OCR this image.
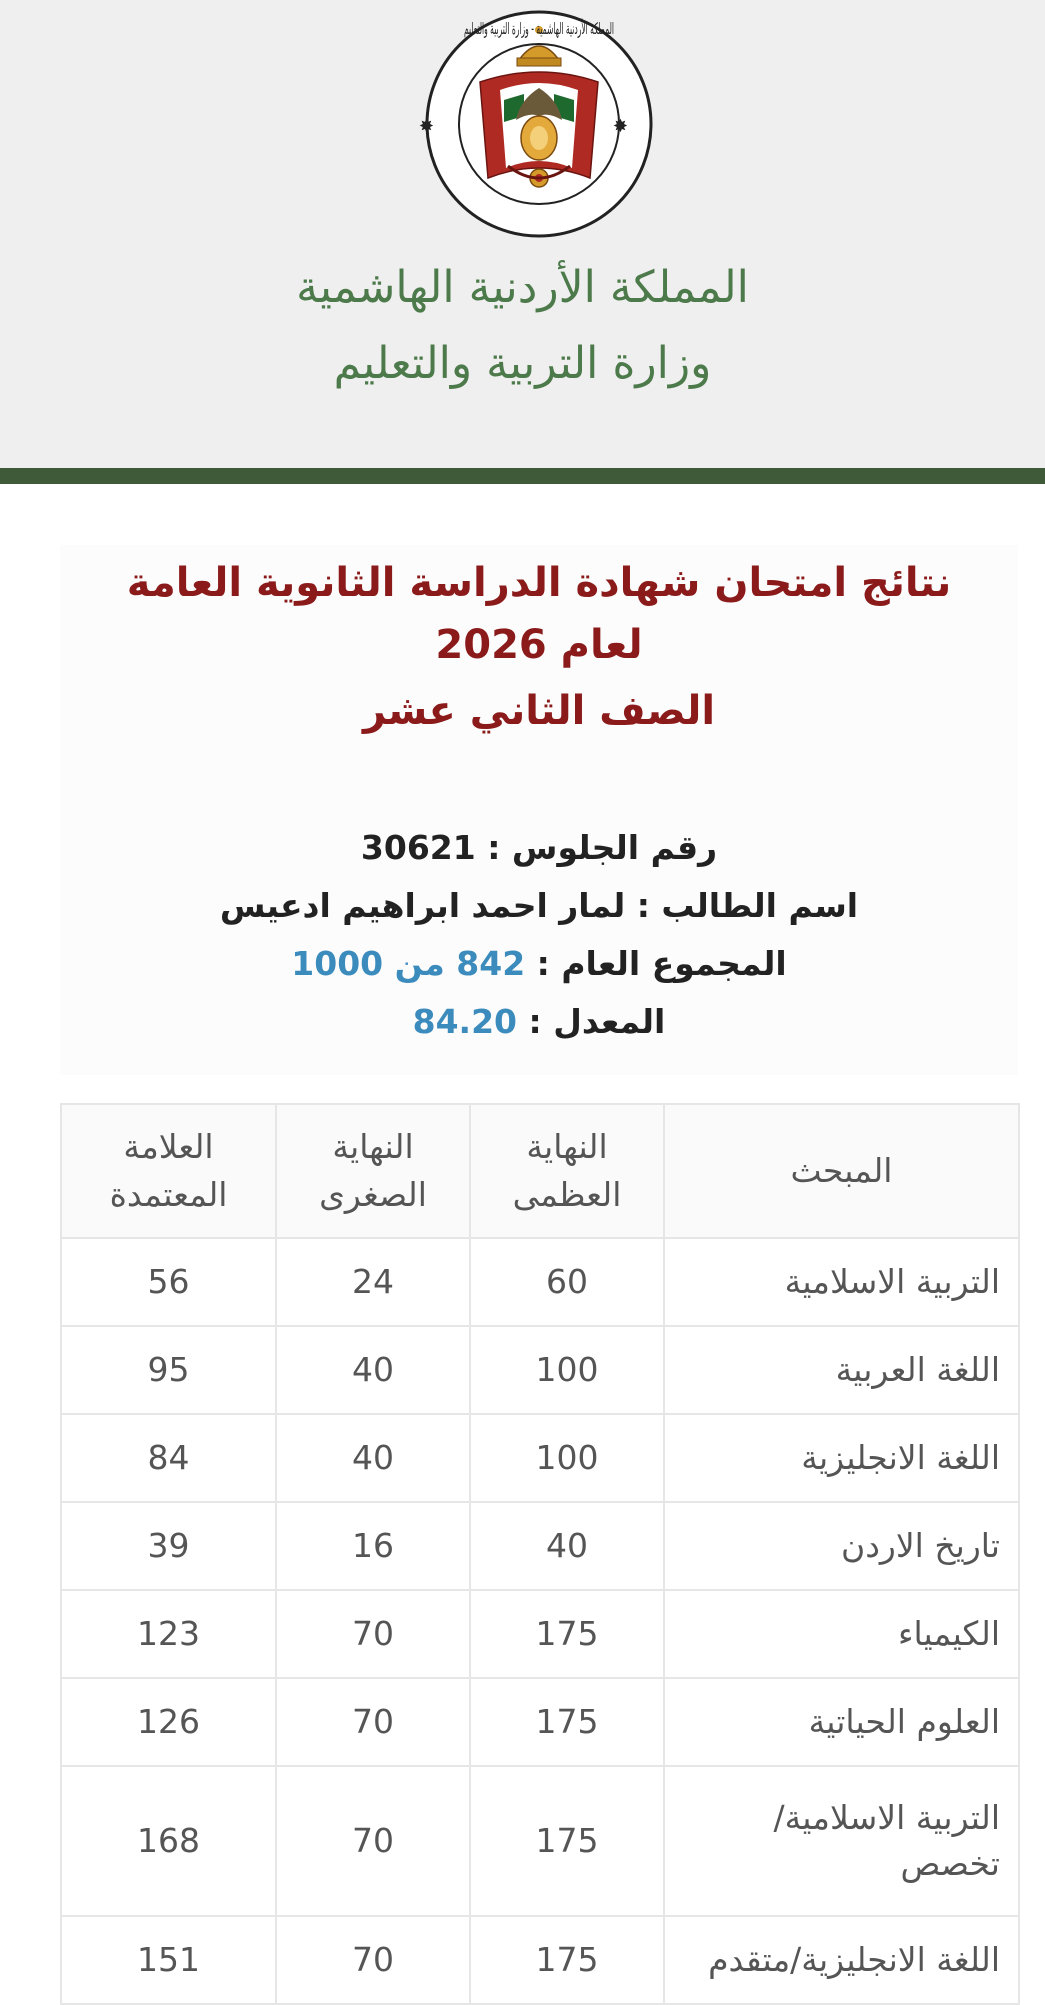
✸	✸
المملكة الأردنية الهاشمية - وزارة التربية والتعليم
المملكة الأردنية الهاشمية
وزارة التربية والتعليم
نتائج امتحان شهادة الدراسة الثانوية العامة
لعام 2026
الصف الثاني عشر
رقم الجلوس : 30621
اسم الطالب : لمار احمد ابراهيم ادعيس
المجموع العام : 842 من 1000
المعدل : 84.20
المبحث	النهاية العظمى	النهاية الصغرى	العلامة المعتمدة
التربية الاسلامية	60	24	56
اللغة العربية	100	40	95
اللغة الانجليزية	100	40	84
تاريخ الاردن	40	16	39
الكيمياء	175	70	123
العلوم الحياتية	175	70	126
التربية الاسلامية/ تخصص	175	70	168
اللغة الانجليزية/متقدم	175	70	151
